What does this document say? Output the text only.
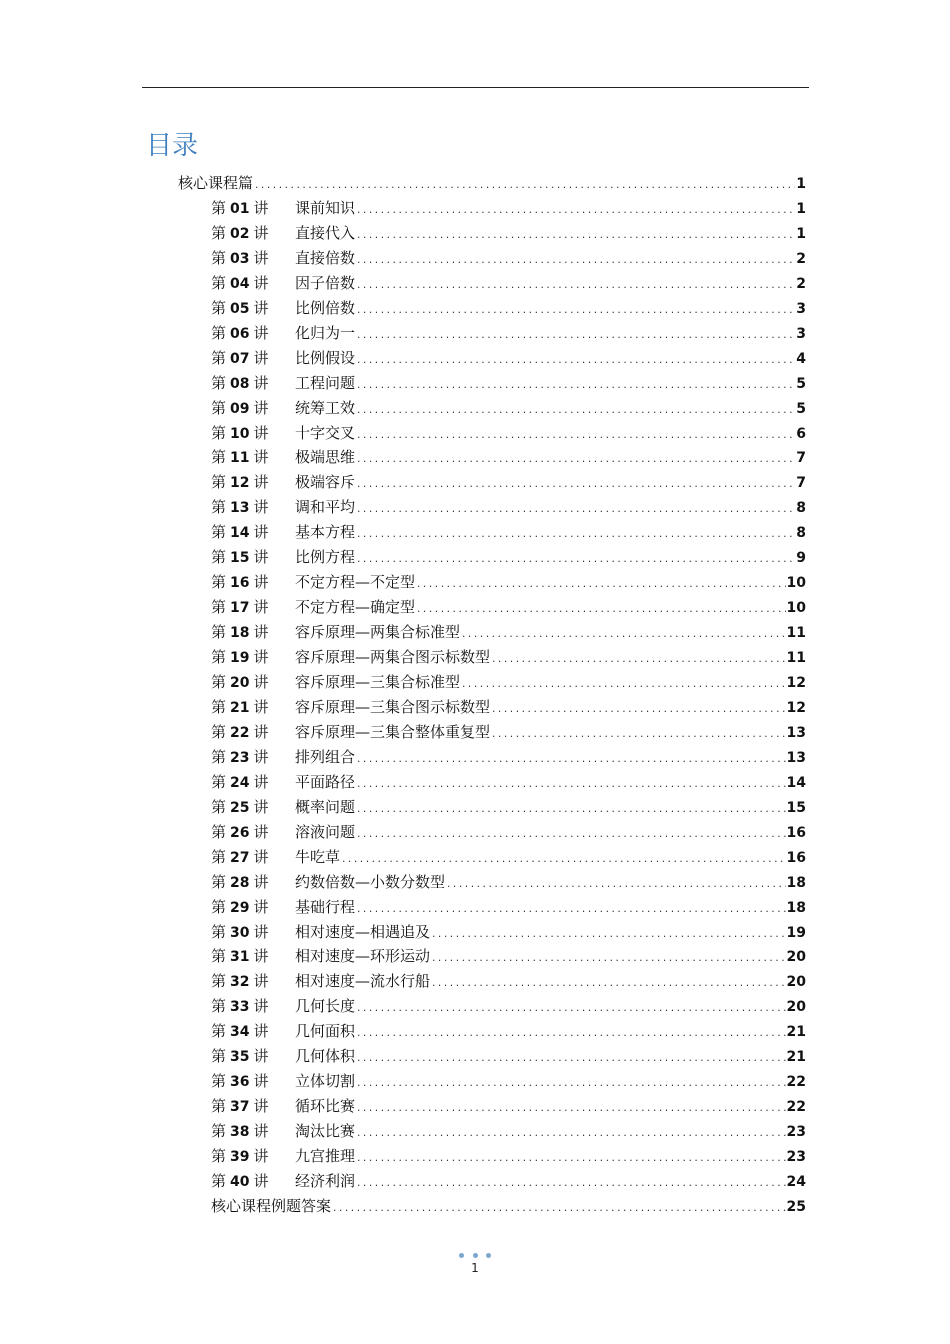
目录
核心课程篇 .....	1
第 01 讲	课前知识 .....	1
第 02 讲	直接代入 .....	1
第 03 讲	直接倍数 .....	2
第 04 讲	因子倍数 .....	2
第 05 讲	比例倍数 .....	3
第 06 讲	化归为一 .....	3
第 07 讲	比例假设 .....	4
第 08 讲	工程问题 .....	5
第 09 讲	统筹工效 .....	5
第 10 讲	十字交叉 .....	6
第 11 讲	极端思维 .....	7
第 12 讲	极端容斥 .....	7
第 13 讲	调和平均 .....	8
第 14 讲	基本方程 .....	8
第 15 讲	比例方程 .....	9
第 16 讲	不定方程—不定型 .....	10
第 17 讲	不定方程—确定型 .....	10
第 18 讲	容斥原理—两集合标准型 .....	11
第 19 讲	容斥原理—两集合图示标数型 .....	11
第 20 讲	容斥原理—三集合标准型 .....	12
第 21 讲	容斥原理—三集合图示标数型 .....	12
第 22 讲	容斥原理—三集合整体重复型 .....	13
第 23 讲	排列组合 .....	13
第 24 讲	平面路径 .....	14
第 25 讲	概率问题 .....	15
第 26 讲	溶液问题 .....	16
第 27 讲	牛吃草 .....	16
第 28 讲	约数倍数—小数分数型 .....	18
第 29 讲	基础行程 .....	18
第 30 讲	相对速度—相遇追及 .....	19
第 31 讲	相对速度—环形运动 .....	20
第 32 讲	相对速度—流水行船 .....	20
第 33 讲	几何长度 .....	20
第 34 讲	几何面积 .....	21
第 35 讲	几何体积 .....	21
第 36 讲	立体切割 .....	22
第 37 讲	循环比赛 .....	22
第 38 讲	淘汰比赛 .....	23
第 39 讲	九宫推理 .....	23
第 40 讲	经济利润 .....	24
核心课程例题答案 .....	25
1
